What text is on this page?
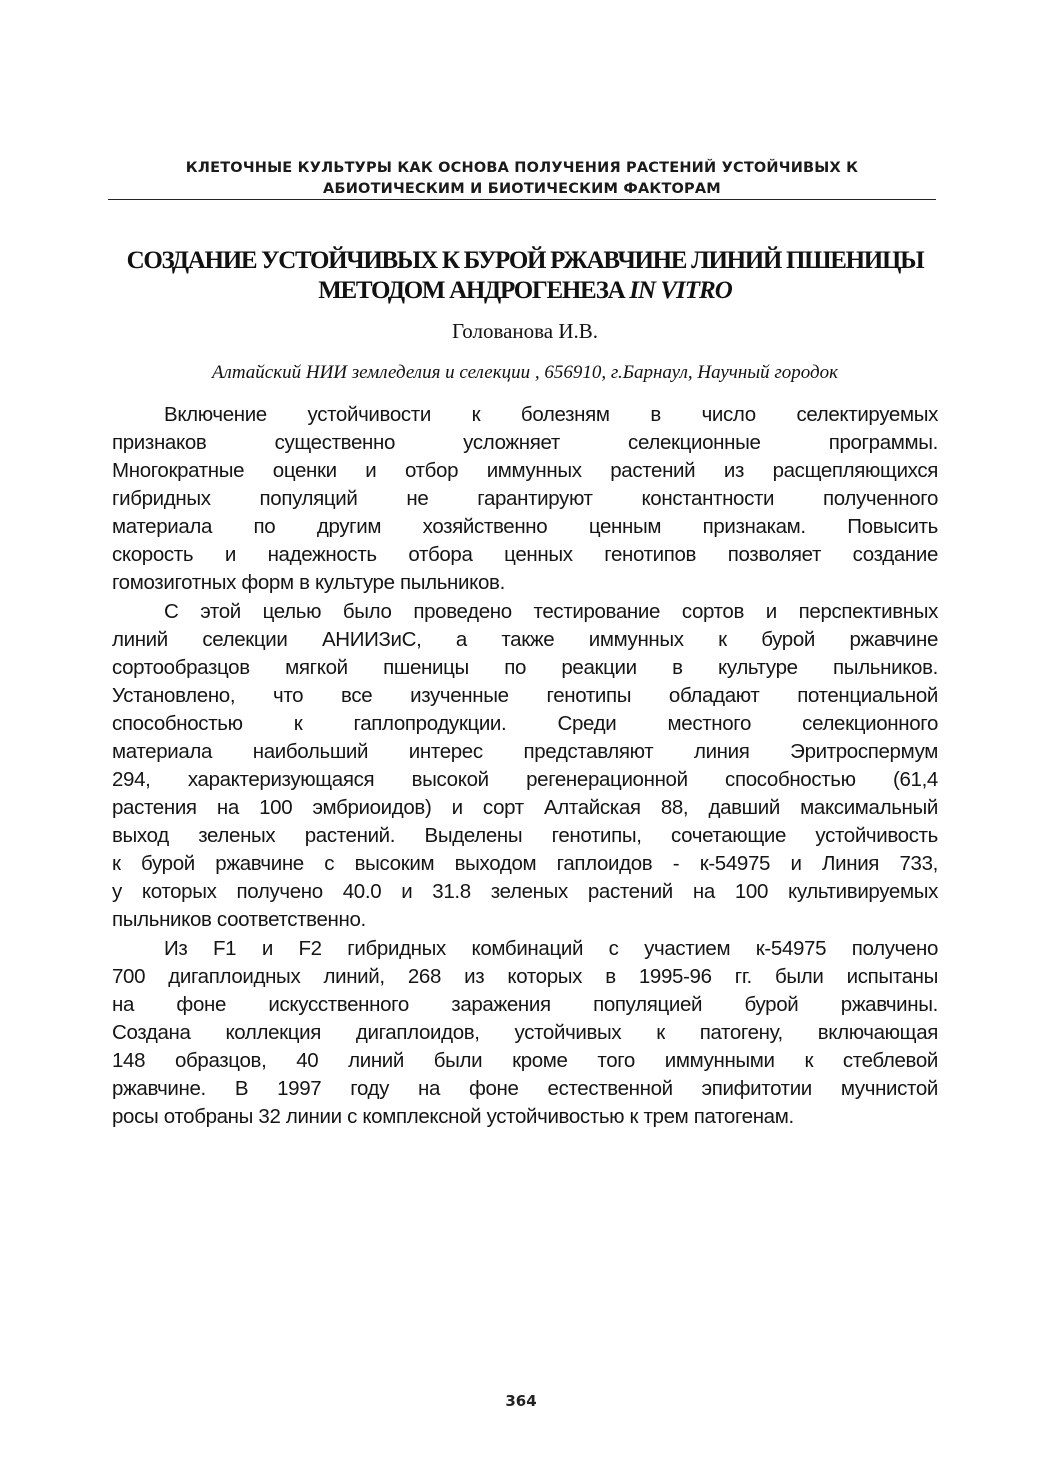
КЛЕТОЧНЫЕ КУЛЬТУРЫ КАК ОСНОВА ПОЛУЧЕНИЯ РАСТЕНИЙ УСТОЙЧИВЫХ К
АБИОТИЧЕСКИМ И БИОТИЧЕСКИМ ФАКТОРАМ
СОЗДАНИЕ УСТОЙЧИВЫХ К БУРОЙ РЖАВЧИНЕ ЛИНИЙ ПШЕНИЦЫ
МЕТОДОМ АНДРОГЕНЕЗА IN VITRO
Голованова И.В.
Алтайский НИИ земледелия и селекции , 656910, г.Барнаул, Научный городок
Включение устойчивости к болезням в число селектируемых
признаков существенно усложняет селекционные программы.
Многократные оценки и отбор иммунных растений из расщепляющихся
гибридных популяций не гарантируют константности полученного
материала по другим хозяйственно ценным признакам. Повысить
скорость и надежность отбора ценных генотипов позволяет создание
гомозиготных форм в культуре пыльников.
С этой целью было проведено тестирование сортов и перспективных
линий селекции АНИИЗиС, а также иммунных к бурой ржавчине
сортообразцов мягкой пшеницы по реакции в культуре пыльников.
Установлено, что все изученные генотипы обладают потенциальной
способностью к гаплопродукции. Среди местного селекционного
материала наибольший интерес представляют линия Эритроспермум
294, характеризующаяся высокой регенерационной способностью (61,4
растения на 100 эмбриоидов) и сорт Алтайская 88, давший максимальный
выход зеленых растений. Выделены генотипы, сочетающие устойчивость
к бурой ржавчине с высоким выходом гаплоидов - к-54975 и Линия 733,
у которых получено 40.0 и 31.8 зеленых растений на 100 культивируемых
пыльников соответственно.
Из F1 и F2 гибридных комбинаций с участием к-54975 получено
700 дигаплоидных линий, 268 из которых в 1995-96 гг. были испытаны
на фоне искусственного заражения популяцией бурой ржавчины.
Создана коллекция дигаплоидов, устойчивых к патогену, включающая
148 образцов, 40 линий были кроме того иммунными к стеблевой
ржавчине. В 1997 году на фоне естественной эпифитотии мучнистой
росы отобраны 32 линии с комплексной устойчивостью к трем патогенам.
364
